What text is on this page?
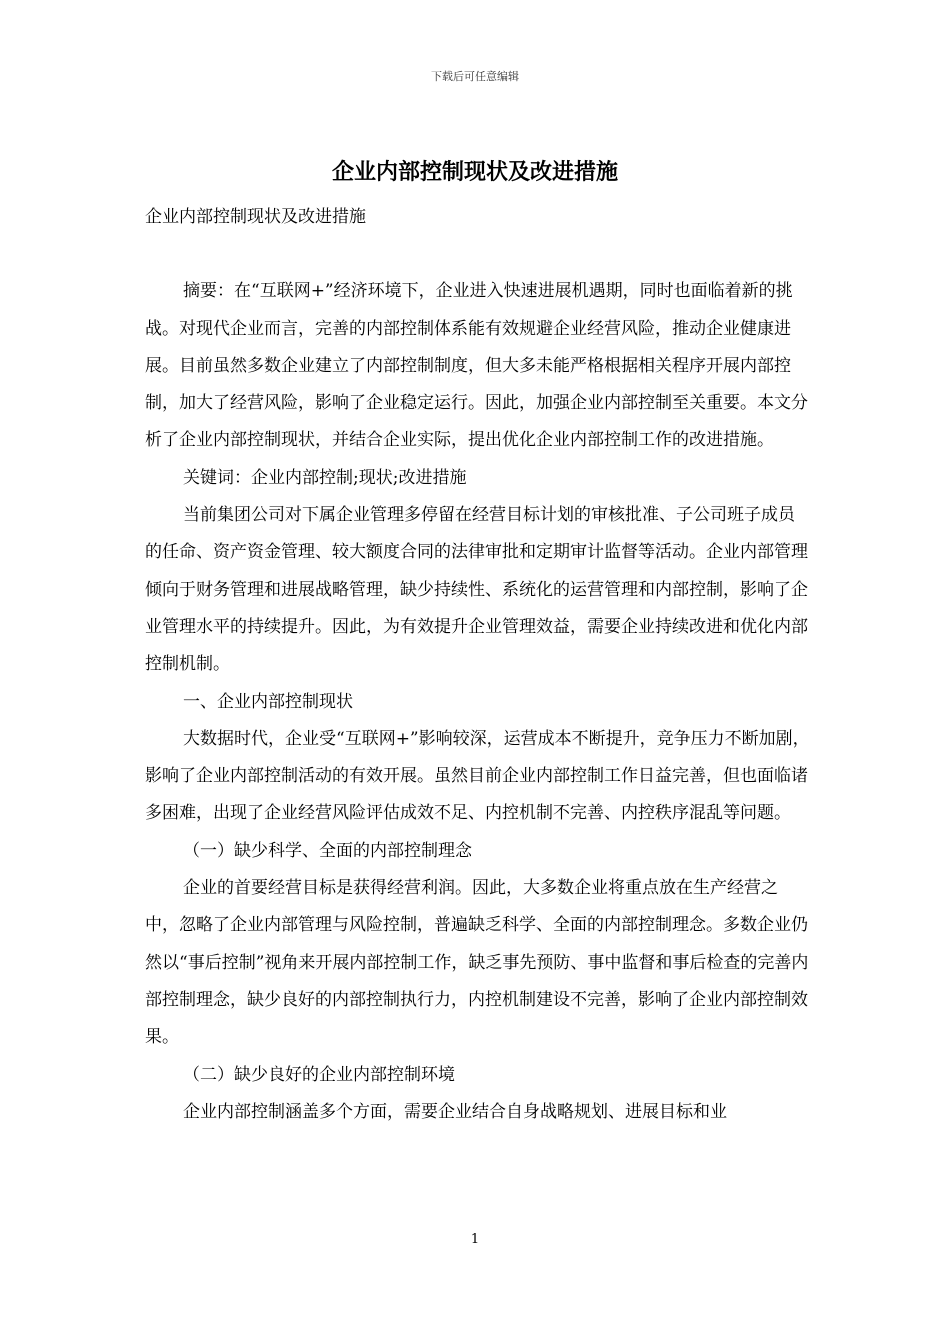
下载后可任意编辑
企业内部控制现状及改进措施

企业内部控制现状及改进措施

摘要：在“互联网+”经济环境下，企业进入快速进展机遇期，同时也面临着新的挑战。对现代企业而言，完善的内部控制体系能有效规避企业经营风险，推动企业健康进展。目前虽然多数企业建立了内部控制制度，但大多未能严格根据相关程序开展内部控制，加大了经营风险，影响了企业稳定运行。因此，加强企业内部控制至关重要。本文分析了企业内部控制现状，并结合企业实际，提出优化企业内部控制工作的改进措施。

关键词：企业内部控制;现状;改进措施

当前集团公司对下属企业管理多停留在经营目标计划的审核批准、子公司班子成员的任命、资产资金管理、较大额度合同的法律审批和定期审计监督等活动。企业内部管理倾向于财务管理和进展战略管理，缺少持续性、系统化的运营管理和内部控制，影响了企业管理水平的持续提升。因此，为有效提升企业管理效益，需要企业持续改进和优化内部控制机制。

一、企业内部控制现状

大数据时代，企业受“互联网+”影响较深，运营成本不断提升，竞争压力不断加剧，影响了企业内部控制活动的有效开展。虽然目前企业内部控制工作日益完善，但也面临诸多困难，出现了企业经营风险评估成效不足、内控机制不完善、内控秩序混乱等问题。

（一）缺少科学、全面的内部控制理念

企业的首要经营目标是获得经营利润。因此，大多数企业将重点放在生产经营之中，忽略了企业内部管理与风险控制，普遍缺乏科学、全面的内部控制理念。多数企业仍然以“事后控制”视角来开展内部控制工作，缺乏事先预防、事中监督和事后检查的完善内部控制理念，缺少良好的内部控制执行力，内控机制建设不完善，影响了企业内部控制效果。

（二）缺少良好的企业内部控制环境

企业内部控制涵盖多个方面，需要企业结合自身战略规划、进展目标和业

1
